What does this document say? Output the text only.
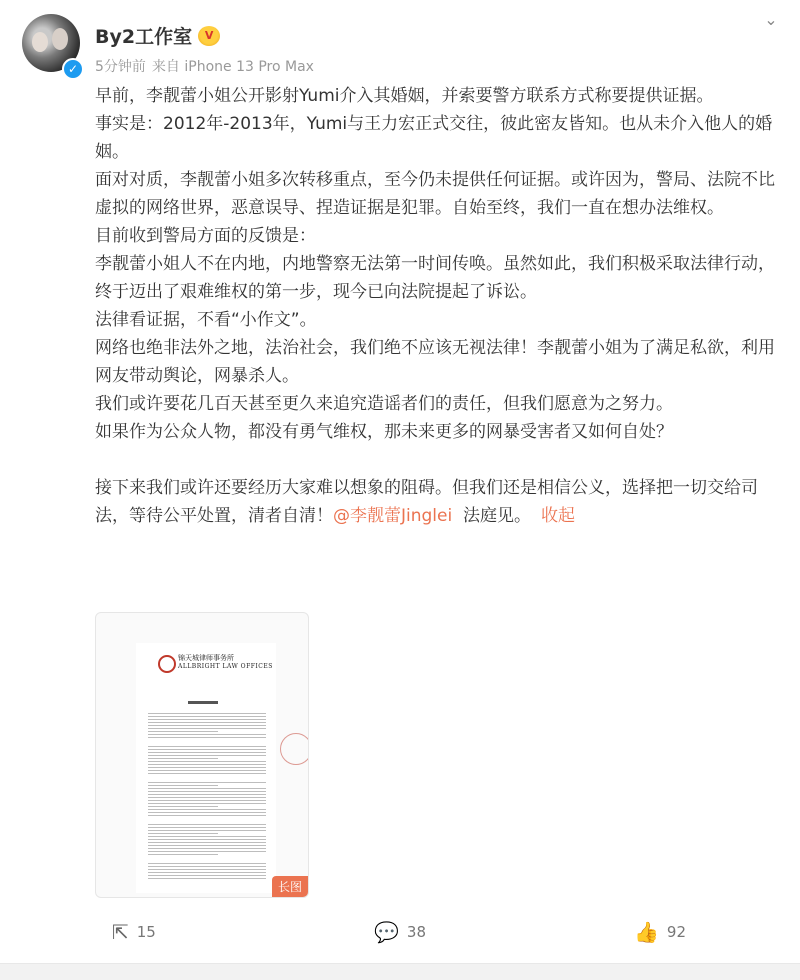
✓
By2工作室 V
5分钟前 来自 iPhone 13 Pro Max
⌄

早前，李靓蕾小姐公开影射Yumi介入其婚姻，并索要警方联系方式称要提供证据。

事实是：2012年-2013年，Yumi与王力宏正式交往，彼此密友皆知。也从未介入他人的婚姻。

面对对质，李靓蕾小姐多次转移重点，至今仍未提供任何证据。或许因为，警局、法院不比虚拟的网络世界，恶意误导、捏造证据是犯罪。自始至终，我们一直在想办法维权。

目前收到警局方面的反馈是：

李靓蕾小姐人不在内地，内地警察无法第一时间传唤。虽然如此，我们积极采取法律行动，终于迈出了艰难维权的第一步，现今已向法院提起了诉讼。

法律看证据，不看“小作文”。

网络也绝非法外之地，法治社会，我们绝不应该无视法律！李靓蕾小姐为了满足私欲，利用网友带动舆论，网暴杀人。

我们或许要花几百天甚至更久来追究造谣者们的责任，但我们愿意为之努力。

如果作为公众人物，都没有勇气维权，那未来更多的网暴受害者又如何自处？

接下来我们或许还要经历大家难以想象的阻碍。但我们还是相信公义，选择把一切交给司法，等待公平处置，清者自清！@李靓蕾Jinglei 法庭见。 收起

锦天城律师事务所
ALLBRIGHT LAW OFFICES
长图
⇱ 15	💬 38	👍 92
